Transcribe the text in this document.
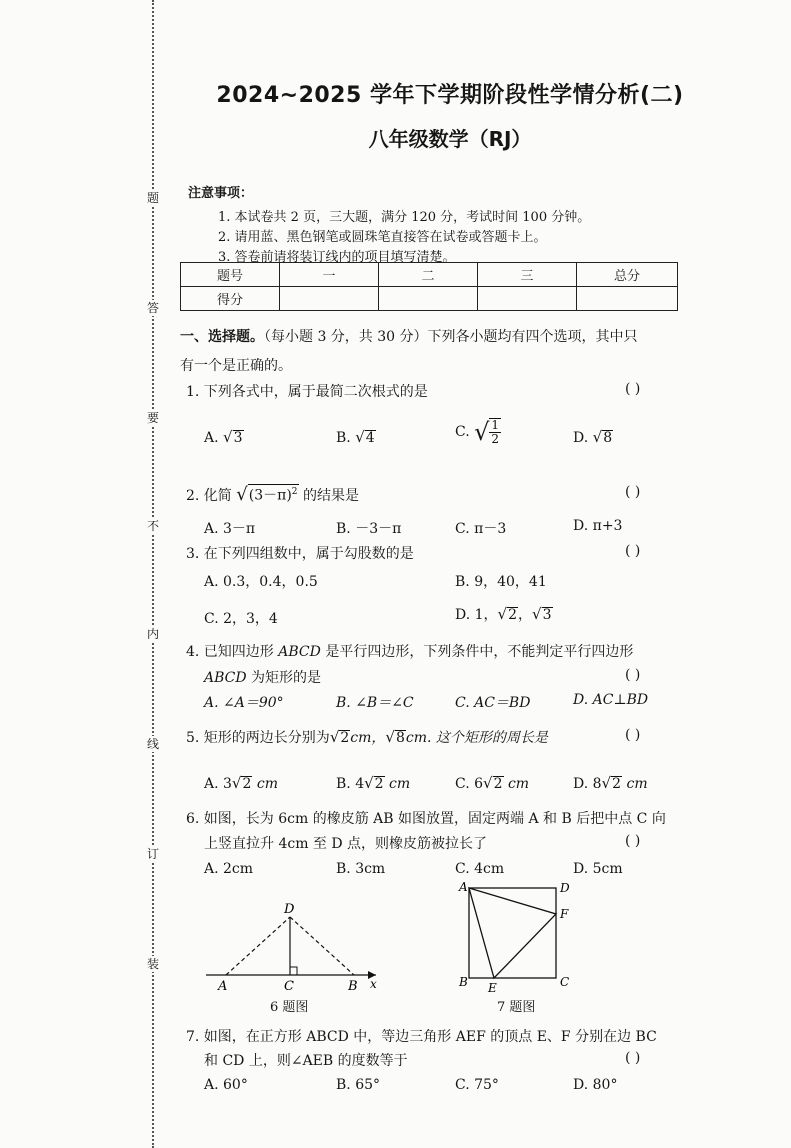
题
答
要
不
内
线
订
装
2024~2025 学年下学期阶段性学情分析(二)
八年级数学（RJ）
注意事项：
1. 本试卷共 2 页，三大题，满分 120 分，考试时间 100 分钟。
2. 请用蓝、黑色钢笔或圆珠笔直接答在试卷或答题卡上。
3. 答卷前请将装订线内的项目填写清楚。
题号	一	二	三	总分
得分				
一、选择题。（每小题 3 分，共 30 分）下列各小题均有四个选项，其中只
有一个是正确的。
1. 下列各式中，属于最简二次根式的是	( )
A. √3	B. √4	C. √ $\frac{1}{2}$	D. √8
2. 化简 $√(3-\pi)^2$ 的结果是	( )
A. 3－π	B. －3－π	C. π－3	D. π+3
3. 在下列四组数中，属于勾股数的是	( )
A. 0.3，0.4，0.5	B. 9，40，41
C. 2，3，4	D. 1，√2，√3
4. 已知四边形 ABCD 是平行四边形，下列条件中，不能判定平行四边形
ABCD 为矩形的是	( )
A. ∠A＝90°	B. ∠B＝∠C	C. AC＝BD	D. AC⊥BD
5. 矩形的两边长分别为√2cm，√8cm. 这个矩形的周长是	( )
A. 3√2 cm	B. 4√2 cm	C. 6√2 cm	D. 8√2 cm
6. 如图，长为 6cm 的橡皮筋 AB 如图放置，固定两端 A 和 B 后把中点 C 向
上竖直拉升 4cm 至 D 点，则橡皮筋被拉长了	( )
A. 2cm	B. 3cm	C. 4cm	D. 5cm
D
A	C	B x
6 题图
A	D
F
B E	C
7 题图
7. 如图，在正方形 ABCD 中，等边三角形 AEF 的顶点 E、F 分别在边 BC
和 CD 上，则∠AEB 的度数等于	( )
A. 60°	B. 65°	C. 75°	D. 80°
